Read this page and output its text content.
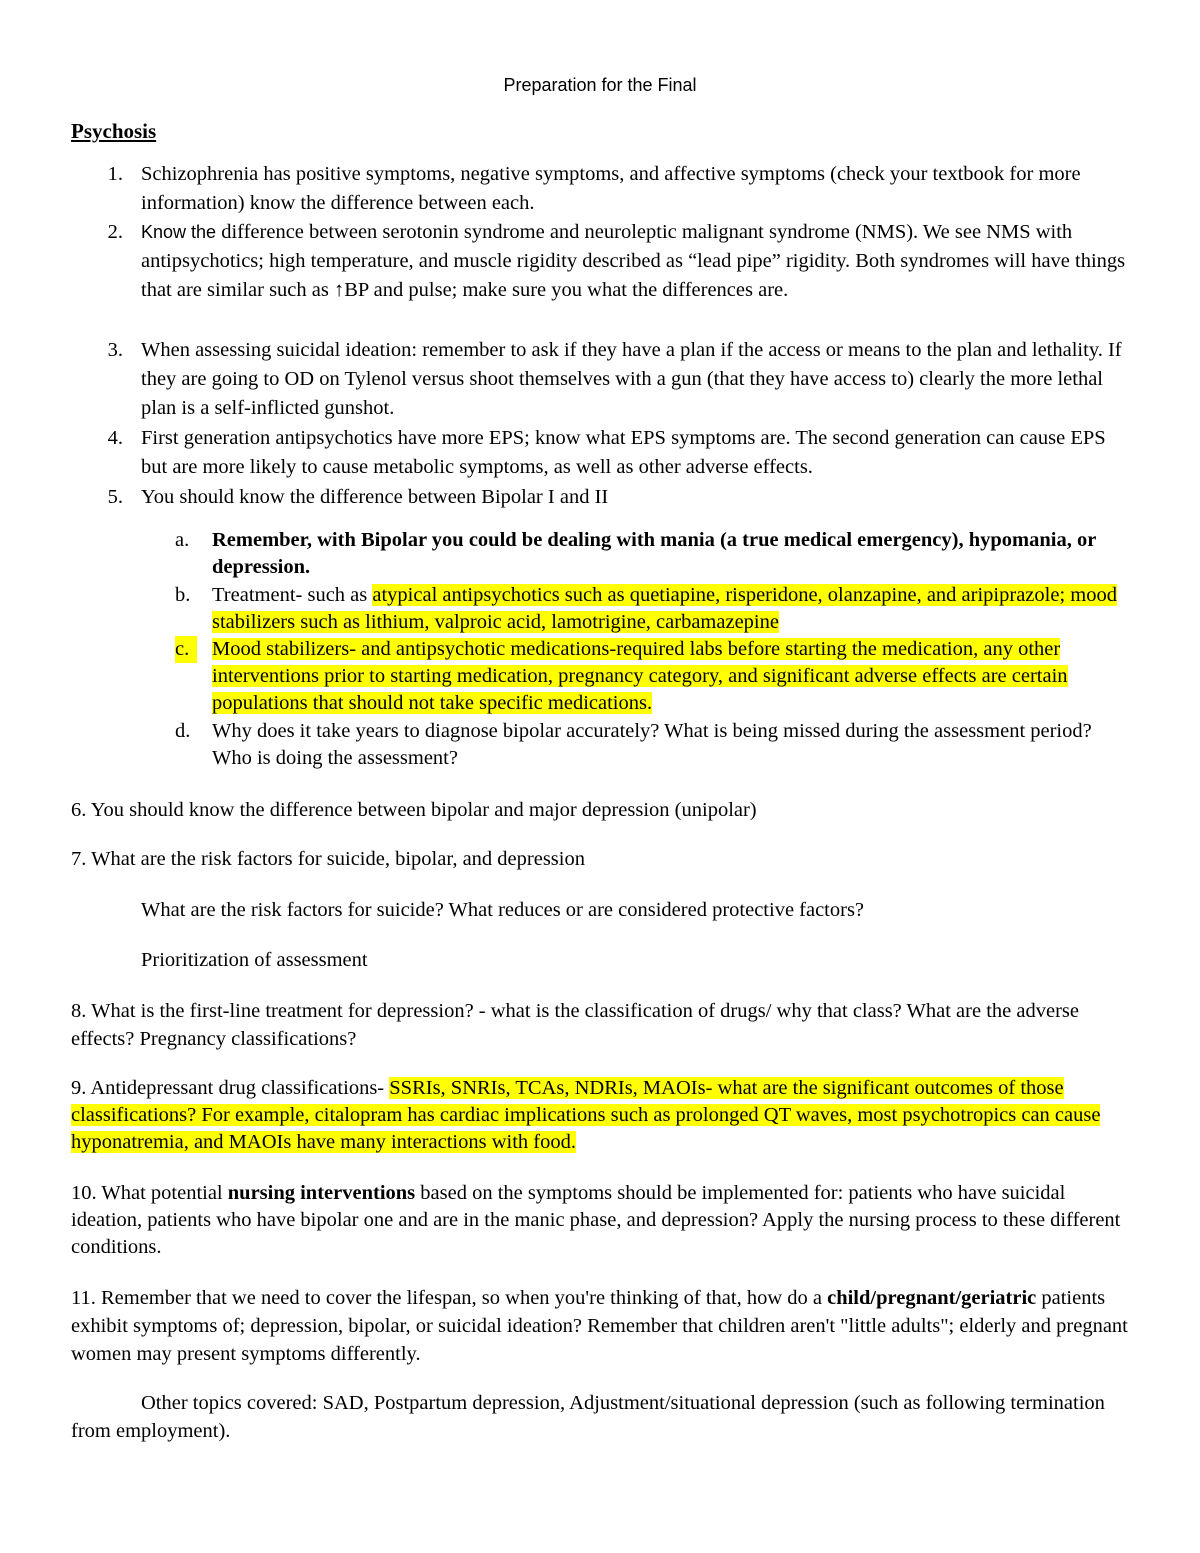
Preparation for the Final
Psychosis
1. Schizophrenia has positive symptoms, negative symptoms, and affective symptoms (check your textbook for more information) know the difference between each.
2. Know the difference between serotonin syndrome and neuroleptic malignant syndrome (NMS). We see NMS with antipsychotics; high temperature, and muscle rigidity described as “lead pipe” rigidity. Both syndromes will have things that are similar such as ↑BP and pulse; make sure you what the differences are.
3. When assessing suicidal ideation: remember to ask if they have a plan if the access or means to the plan and lethality. If they are going to OD on Tylenol versus shoot themselves with a gun (that they have access to) clearly the more lethal plan is a self-inflicted gunshot.
4. First generation antipsychotics have more EPS; know what EPS symptoms are. The second generation can cause EPS but are more likely to cause metabolic symptoms, as well as other adverse effects.
5. You should know the difference between Bipolar I and II
a.	Remember, with Bipolar you could be dealing with mania (a true medical emergency), hypomania, or depression.
b.	Treatment- such as atypical antipsychotics such as quetiapine, risperidone, olanzapine, and aripiprazole; mood stabilizers such as lithium, valproic acid, lamotrigine, carbamazepine
c.	Mood stabilizers- and antipsychotic medications-required labs before starting the medication, any other interventions prior to starting medication, pregnancy category, and significant adverse effects are certain populations that should not take specific medications.
d.	Why does it take years to diagnose bipolar accurately? What is being missed during the assessment period? Who is doing the assessment?
6. You should know the difference between bipolar and major depression (unipolar)
7. What are the risk factors for suicide, bipolar, and depression
What are the risk factors for suicide? What reduces or are considered protective factors?
Prioritization of assessment
8. What is the first-line treatment for depression? - what is the classification of drugs/ why that class? What are the adverse effects? Pregnancy classifications?
9. Antidepressant drug classifications- SSRIs, SNRIs, TCAs, NDRIs, MAOIs- what are the significant outcomes of those classifications? For example, citalopram has cardiac implications such as prolonged QT waves, most psychotropics can cause hyponatremia, and MAOIs have many interactions with food.
10. What potential nursing interventions based on the symptoms should be implemented for: patients who have suicidal ideation, patients who have bipolar one and are in the manic phase, and depression? Apply the nursing process to these different conditions.
11. Remember that we need to cover the lifespan, so when you're thinking of that, how do a child/pregnant/geriatric patients exhibit symptoms of; depression, bipolar, or suicidal ideation? Remember that children aren't "little adults"; elderly and pregnant women may present symptoms differently.
Other topics covered: SAD, Postpartum depression, Adjustment/situational depression (such as following termination from employment).
